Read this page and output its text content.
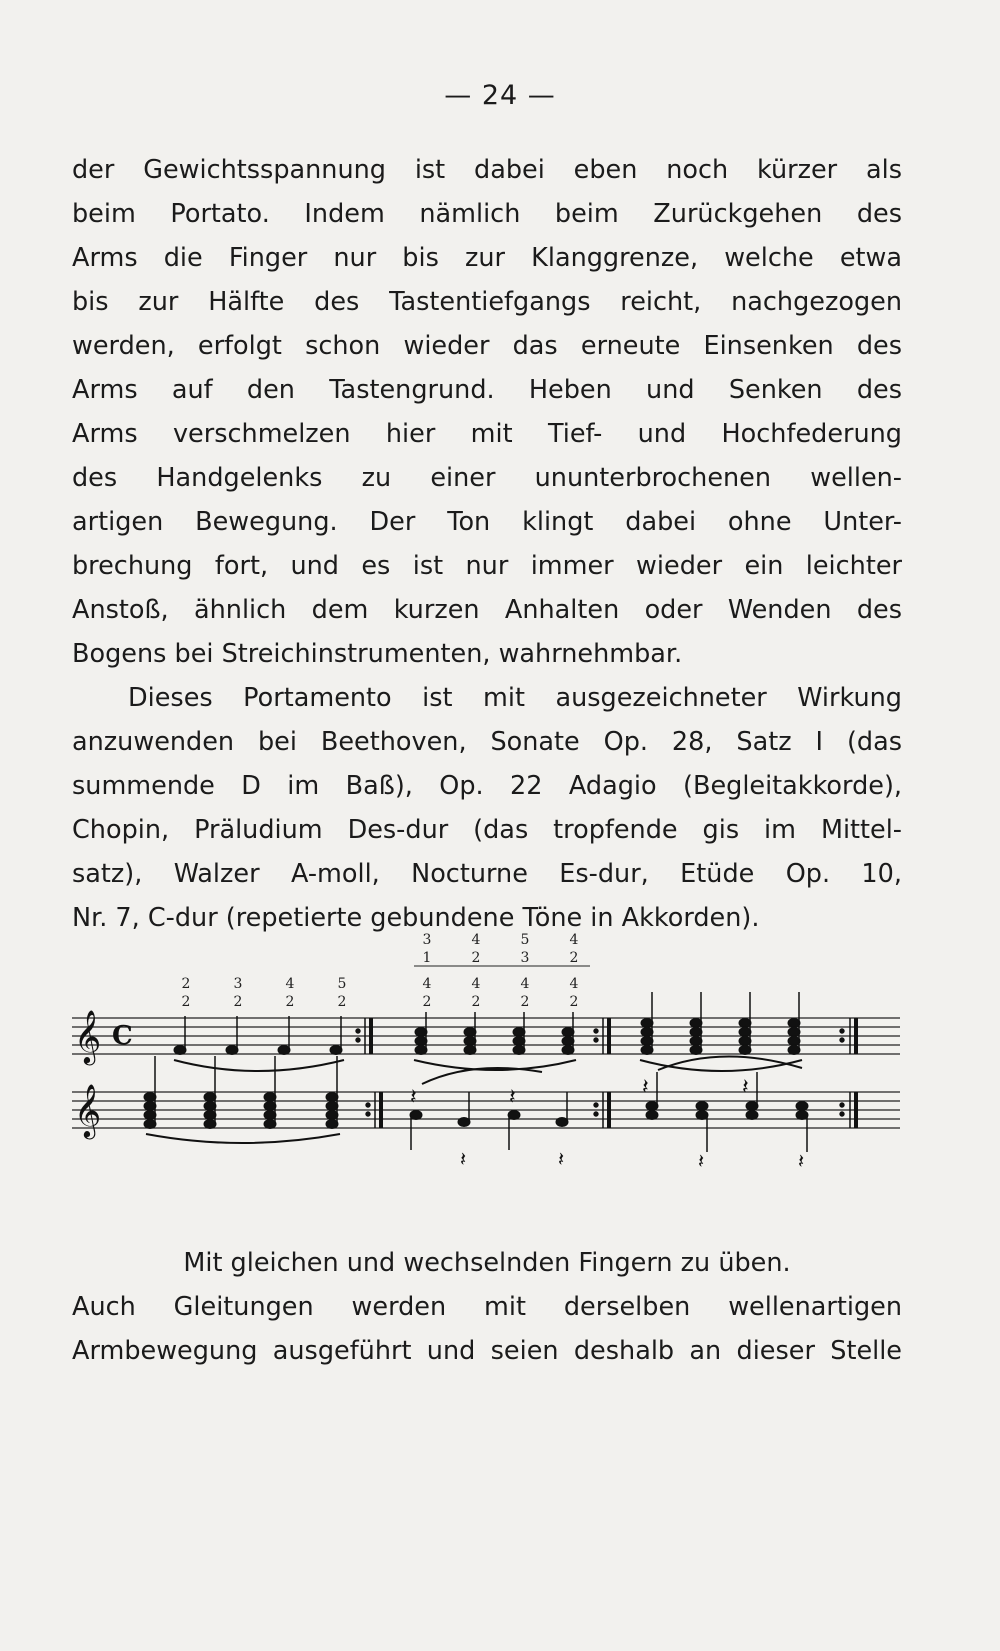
— 24 —
der Gewichtsspannung ist dabei eben noch kürzer als
beim Portato. Indem nämlich beim Zurückgehen des
Arms die Finger nur bis zur Klanggrenze, welche etwa
bis zur Hälfte des Tastentiefgangs reicht, nachgezogen
werden, erfolgt schon wieder das erneute Einsenken des
Arms auf den Tastengrund. Heben und Senken des
Arms verschmelzen hier mit Tief- und Hochfederung
des Handgelenks zu einer ununterbrochenen wellen-
artigen Bewegung. Der Ton klingt dabei ohne Unter-
brechung fort, und es ist nur immer wieder ein leichter
Anstoß, ähnlich dem kurzen Anhalten oder Wenden des
Bogens bei Streichinstrumenten, wahrnehmbar.
Dieses Portamento ist mit ausgezeichneter Wirkung
anzuwenden bei Beethoven, Sonate Op. 28, Satz I (das
summende D im Baß), Op. 22 Adagio (Begleitakkorde),
Chopin, Präludium Des-dur (das tropfende gis im Mittel-
satz), Walzer A-moll, Nocturne Es-dur, Etüde Op. 10,
Nr. 7, C-dur (repetierte gebundene Töne in Akkorden).
2	3	4	5
2	2	2	2
3	4	5	4
1	2	3	2
4	4	4	4
2	2	2	2
𝄞 C
𝄞	𝄽	𝄽
𝄽	𝄽
𝄽	𝄽
𝄽	𝄽
Mit gleichen und wechselnden Fingern zu üben.
Auch Gleitungen werden mit derselben wellenartigen
Armbewegung ausgeführt und seien deshalb an dieser Stelle
